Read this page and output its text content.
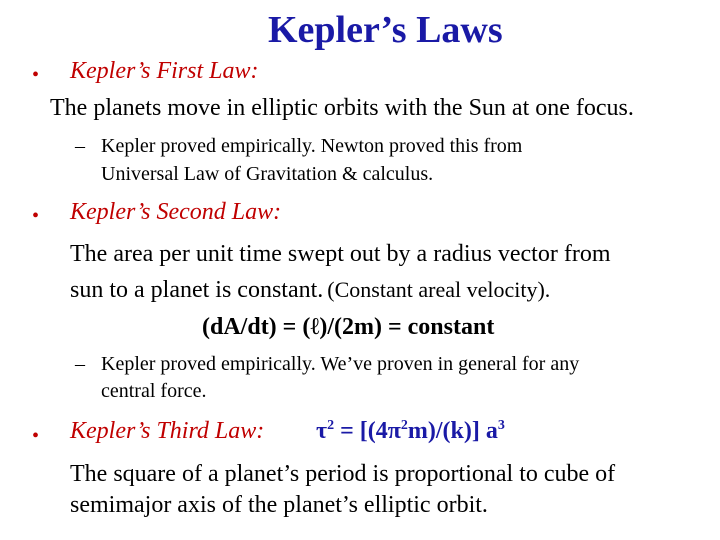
Kepler’s Laws
• Kepler’s First Law:
The planets move in elliptic orbits with the Sun at one focus.
– Kepler proved empirically. Newton proved this from
Universal Law of Gravitation & calculus.
• Kepler’s Second Law:
The area per unit time swept out by a radius vector from
sun to a planet is constant. (Constant areal velocity).
(dA/dt) = (ℓ)/(2m) = constant
– Kepler proved empirically. We’ve proven in general for any
central force.
• Kepler’s Third Law: $\tau^2 = [(4\pi^2m)/(k)]$ $a^3$
The square of a planet’s period is proportional to cube of
semimajor axis of the planet’s elliptic orbit.
